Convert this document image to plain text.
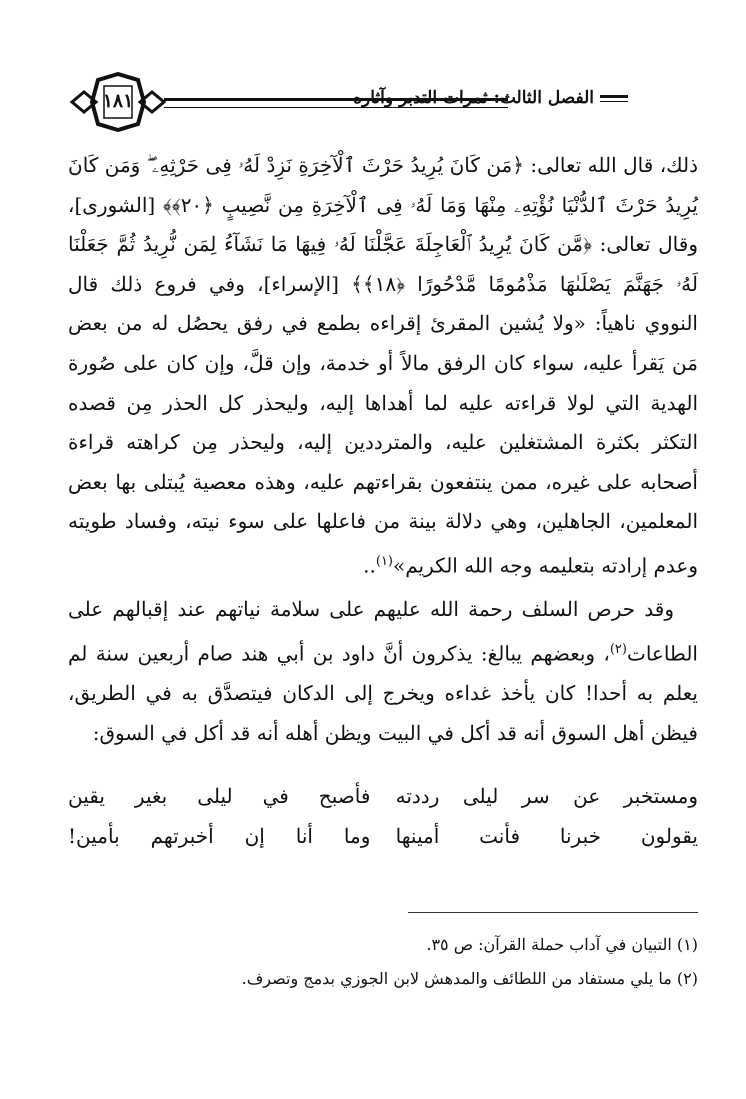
١٨١	الفصل الثالث: ثمرات التدبر وآثاره

ذلك، قال الله تعالى: ﴿مَن كَانَ يُرِيدُ حَرْثَ ٱلْآخِرَةِ نَزِدْ لَهُۥ فِى حَرْثِهِۦ ۖ وَمَن كَانَ يُرِيدُ حَرْثَ ٱلدُّنْيَا نُؤْتِهِۦ مِنْهَا وَمَا لَهُۥ فِى ٱلْآخِرَةِ مِن نَّصِيبٍ ﴿٢٠﴾﴾ [الشورى]، وقال تعالى: ﴿مَّن كَانَ يُرِيدُ ٱلْعَاجِلَةَ عَجَّلْنَا لَهُۥ فِيهَا مَا نَشَآءُ لِمَن نُّرِيدُ ثُمَّ جَعَلْنَا لَهُۥ جَهَنَّمَ يَصْلَىٰهَا مَذْمُومًا مَّدْحُورًا ﴿١٨﴾﴾ [الإسراء]، وفي فروع ذلك قال النووي ناهياً: «ولا يُشين المقرئ إقراءه بطمع في رفق يحصُل له من بعض مَن يَقرأ عليه، سواء كان الرفق مالاً أو خدمة، وإن قلَّ، وإن كان على صُورة الهدية التي لولا قراءته عليه لما أهداها إليه، وليحذر كل الحذر مِن قصده التكثر بكثرة المشتغلين عليه، والمترددين إليه، وليحذر مِن كراهته قراءة أصحابه على غيره، ممن ينتفعون بقراءتهم عليه، وهذه معصية يُبتلى بها بعض المعلمين، الجاهلين، وهي دلالة بينة من فاعلها على سوء نيته، وفساد طويته وعدم إرادته بتعليمه وجه الله الكريم»$^{(١)}$..

وقد حرص السلف رحمة الله عليهم على سلامة نياتهم عند إقبالهم على الطاعات$^{(٢)}$، وبعضهم يبالغ: يذكرون أنَّ داود بن أبي هند صام أربعين سنة لم يعلم به أحدا! كان يأخذ غداءه ويخرج إلى الدكان فيتصدَّق به في الطريق، فيظن أهل السوق أنه قد أكل في البيت ويظن أهله أنه قد أكل في السوق:

ومستخبر عن سر ليلى رددته
فأصبح في ليلى بغير يقين
يقولون خبرنا فأنت أمينها
وما أنا إن أخبرتهم بأمين!
(١) التبيان في آداب حملة القرآن: ص ٣٥.
(٢) ما يلي مستفاد من اللطائف والمدهش لابن الجوزي بدمج وتصرف.
